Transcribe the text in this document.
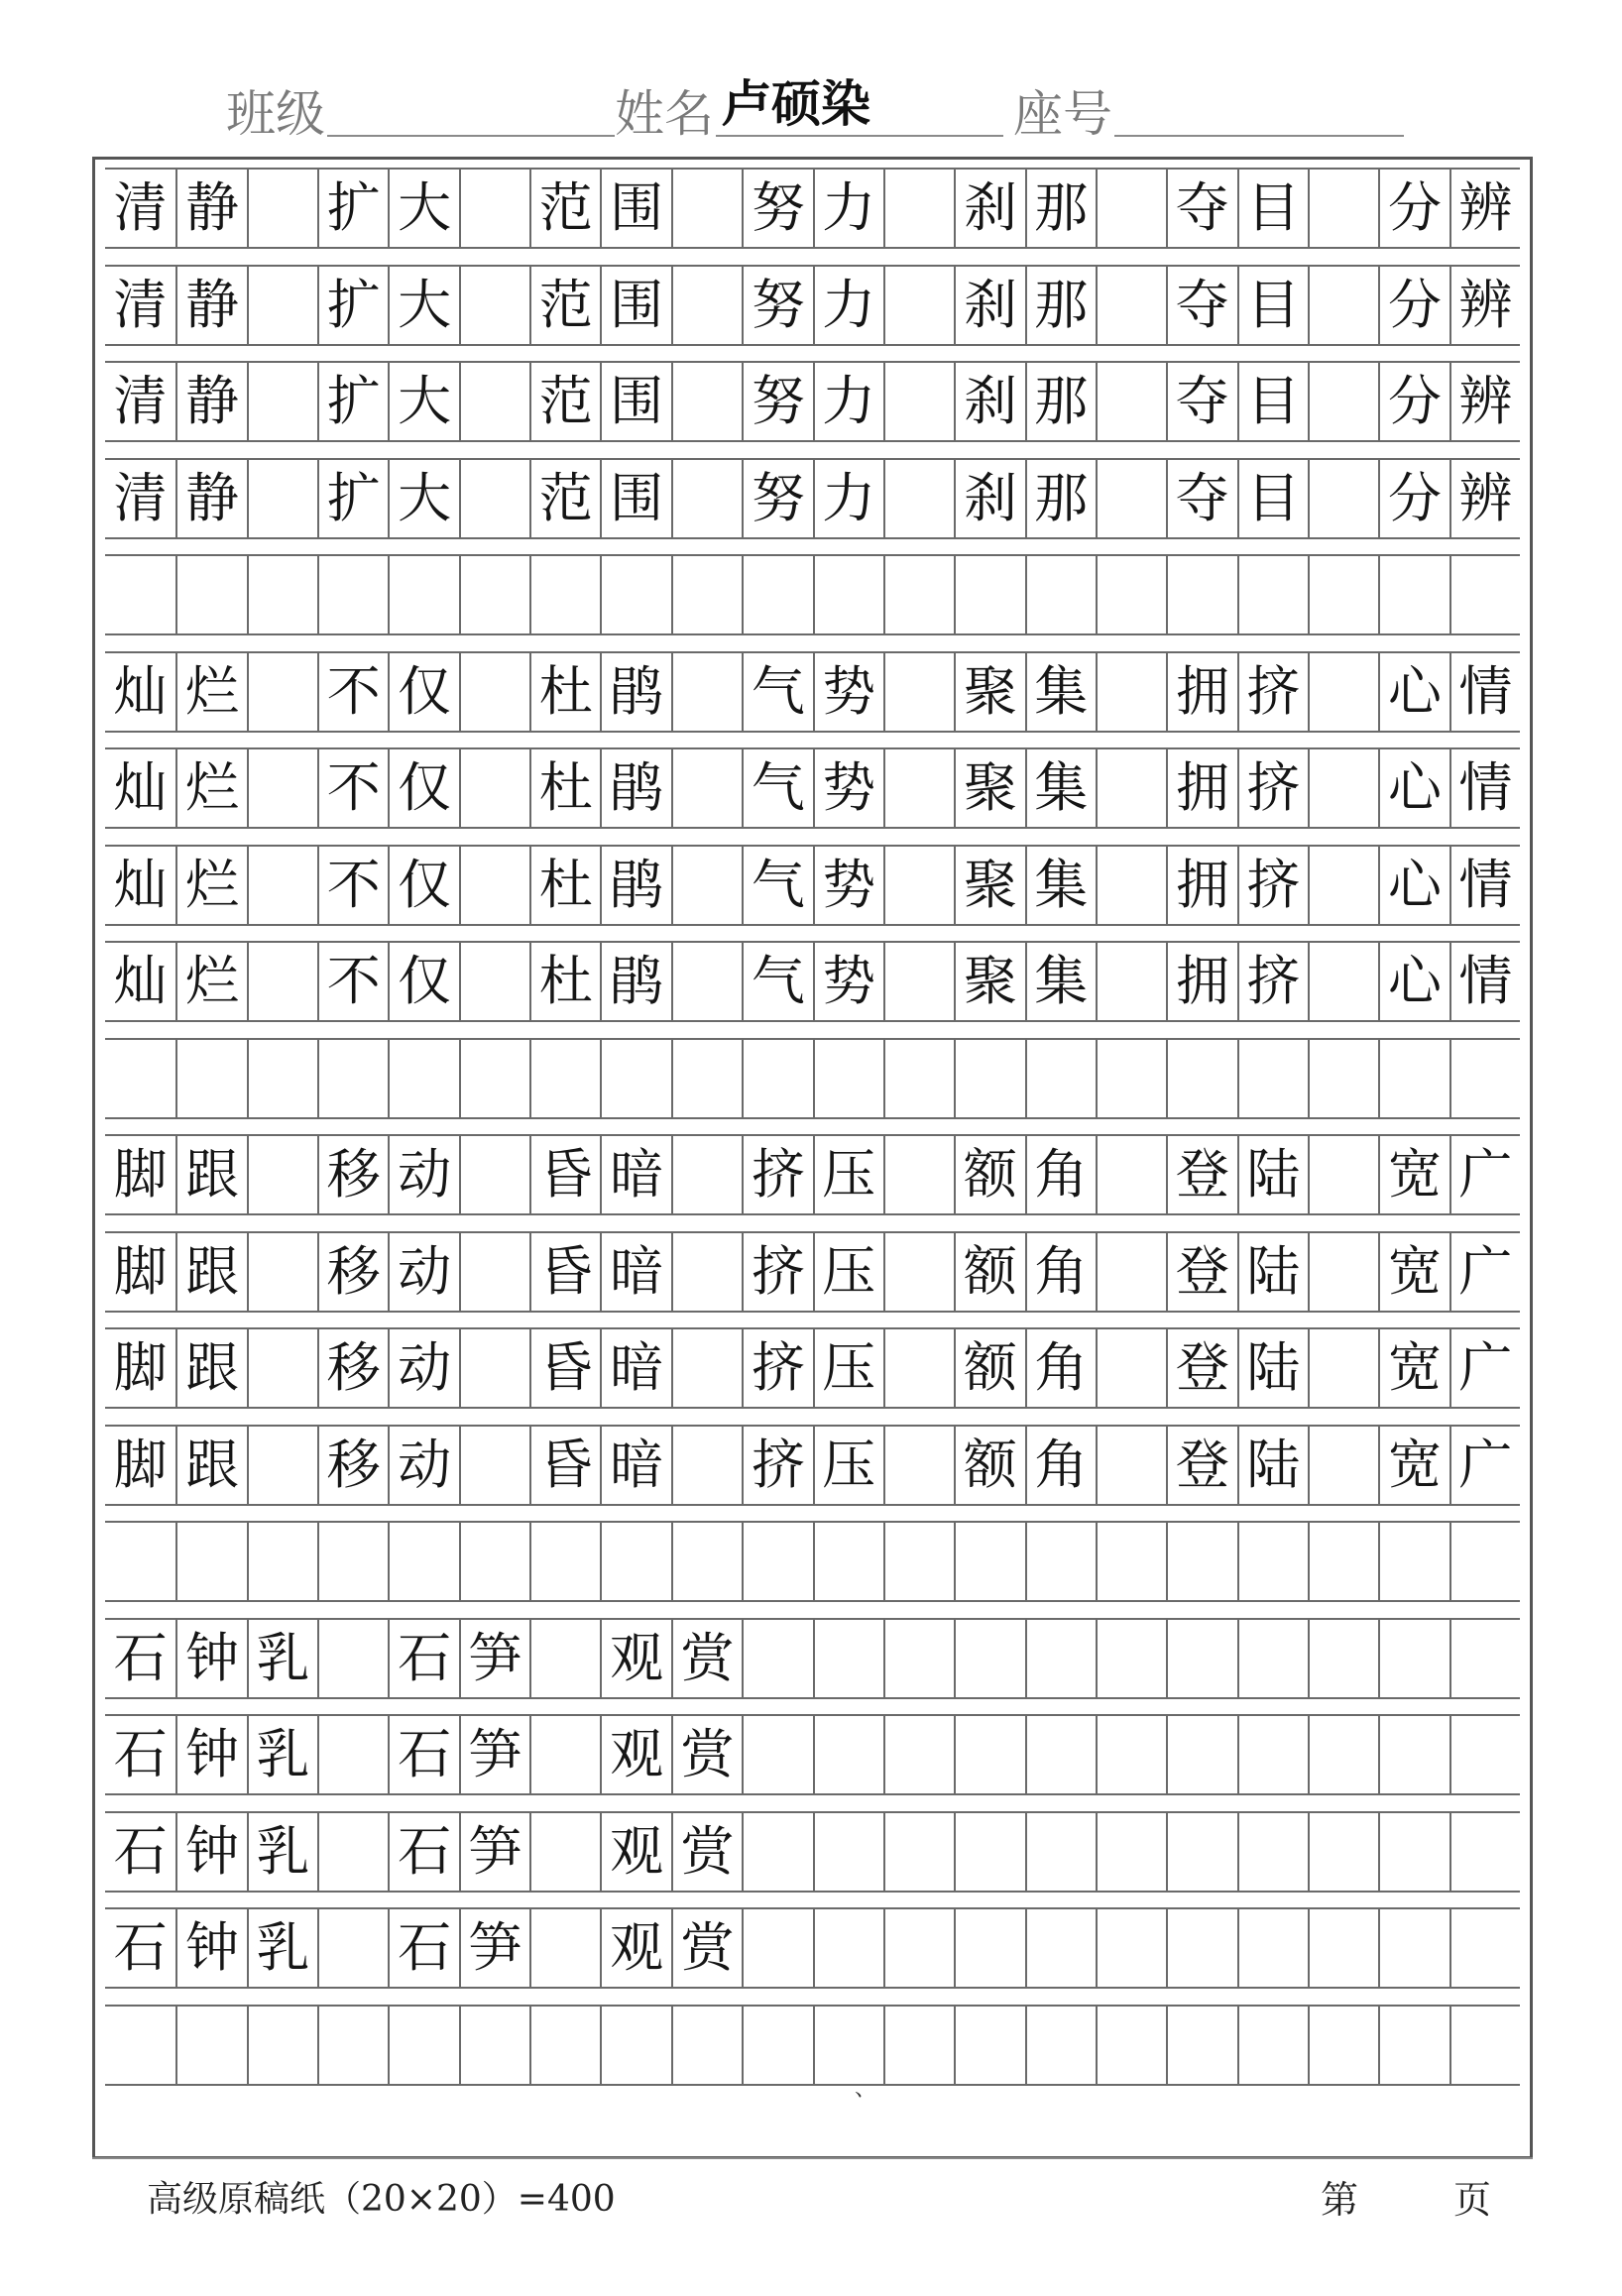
班级	姓名 卢硕染	座号
清 静 扩 大 范 围 努 力 刹 那 夺 目 分 辨
清 静 扩 大 范 围 努 力 刹 那 夺 目 分 辨
清 静 扩 大 范 围 努 力 刹 那 夺 目 分 辨
清 静 扩 大 范 围 努 力 刹 那 夺 目 分 辨
灿 烂 不 仅 杜 鹃 气 势 聚 集 拥 挤 心 情
灿 烂 不 仅 杜 鹃 气 势 聚 集 拥 挤 心 情
灿 烂 不 仅 杜 鹃 气 势 聚 集 拥 挤 心 情
灿 烂 不 仅 杜 鹃 气 势 聚 集 拥 挤 心 情
脚 跟 移 动 昏 暗 挤 压 额 角 登 陆 宽 广
脚 跟 移 动 昏 暗 挤 压 额 角 登 陆 宽 广
脚 跟 移 动 昏 暗 挤 压 额 角 登 陆 宽 广
脚 跟 移 动 昏 暗 挤 压 额 角 登 陆 宽 广
石 钟 乳 石 笋 观 赏
石 钟 乳 石 笋 观 赏
石 钟 乳 石 笋 观 赏
石 钟 乳 石 笋 观 赏
、
高级原稿纸（20×20）=400	第	页
